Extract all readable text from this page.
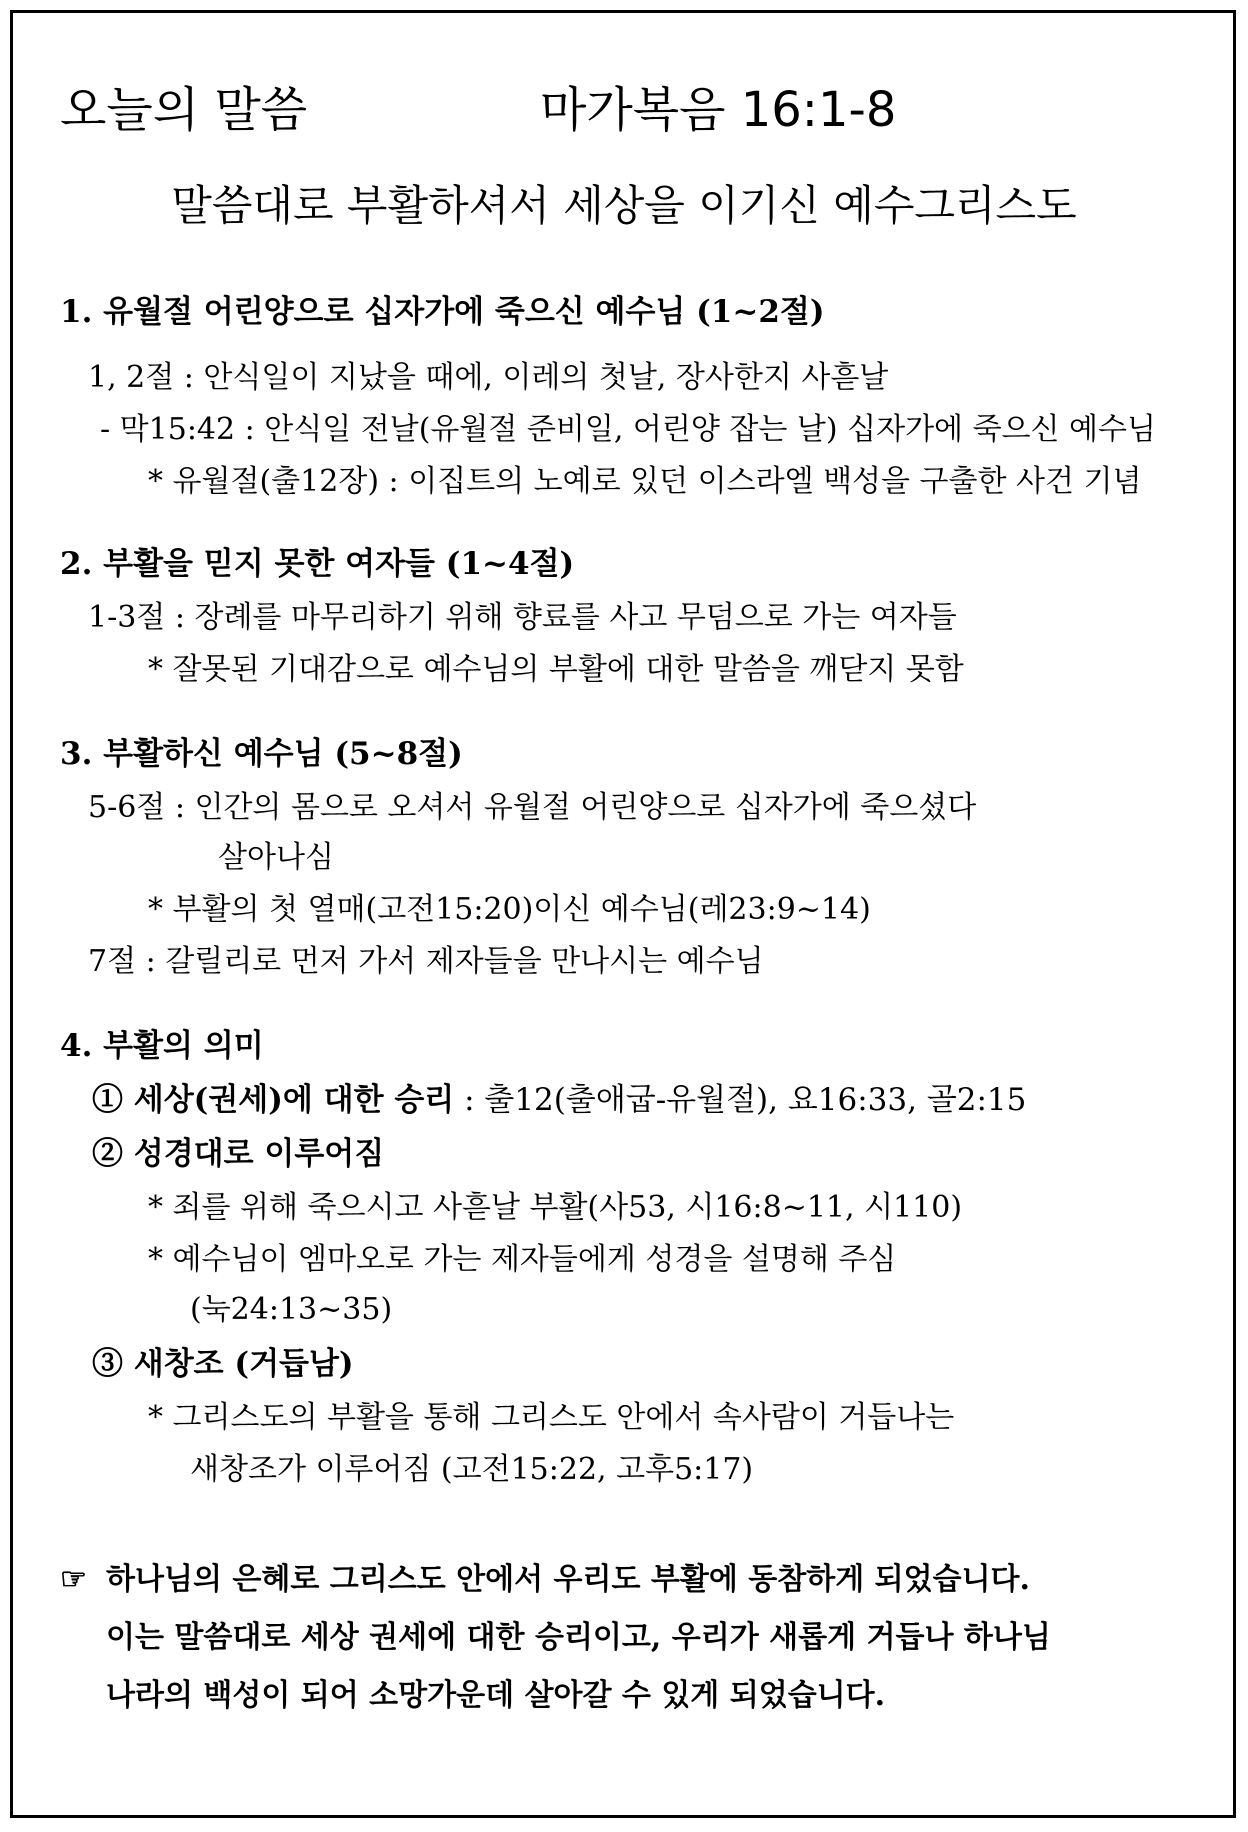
오늘의 말씀	마가복음 16:1-8
말씀대로 부활하셔서 세상을 이기신 예수그리스도
1. 유월절 어린양으로 십자가에 죽으신 예수님 (1~2절)
1, 2절 : 안식일이 지났을 때에, 이레의 첫날, 장사한지 사흗날
- 막15:42 : 안식일 전날(유월절 준비일, 어린양 잡는 날) 십자가에 죽으신 예수님
* 유월절(출12장) : 이집트의 노예로 있던 이스라엘 백성을 구출한 사건 기념
2. 부활을 믿지 못한 여자들 (1~4절)
1-3절 : 장례를 마무리하기 위해 향료를 사고 무덤으로 가는 여자들
* 잘못된 기대감으로 예수님의 부활에 대한 말씀을 깨닫지 못함
3. 부활하신 예수님 (5~8절)
5-6절 : 인간의 몸으로 오셔서 유월절 어린양으로 십자가에 죽으셨다
살아나심
* 부활의 첫 열매(고전15:20)이신 예수님(레23:9~14)
7절 : 갈릴리로 먼저 가서 제자들을 만나시는 예수님
4. 부활의 의미
① 세상(권세)에 대한 승리 : 출12(출애굽-유월절), 요16:33, 골2:15
② 성경대로 이루어짐
* 죄를 위해 죽으시고 사흗날 부활(사53, 시16:8~11, 시110)
* 예수님이 엠마오로 가는 제자들에게 성경을 설명해 주심
(눅24:13~35)
③ 새창조 (거듭남)
* 그리스도의 부활을 통해 그리스도 안에서 속사람이 거듭나는
새창조가 이루어짐 (고전15:22, 고후5:17)
☞ 하나님의 은혜로 그리스도 안에서 우리도 부활에 동참하게 되었습니다.
이는 말씀대로 세상 권세에 대한 승리이고, 우리가 새롭게 거듭나 하나님
나라의 백성이 되어 소망가운데 살아갈 수 있게 되었습니다.
